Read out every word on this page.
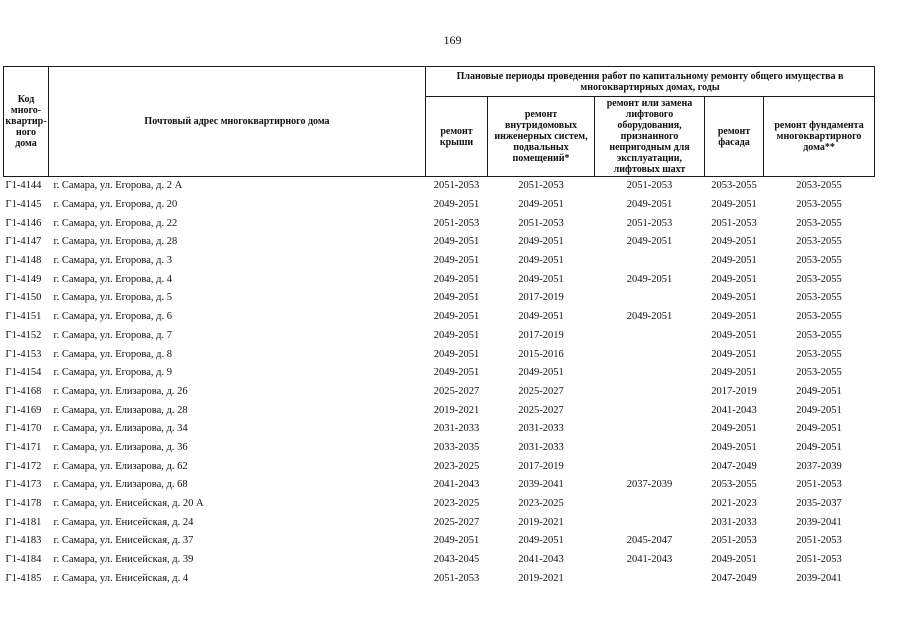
169
Код много-квартир-ного дома	Почтовый адрес многоквартирного дома	Плановые периоды проведения работ по капитальному ремонту общего имущества в многоквартирных домах, годы				
		ремонт крыши	ремонт внутридомовых инженерных систем, подвальных помещений*	ремонт или замена лифтового оборудования, признанного непригодным для эксплуатации, лифтовых шахт	ремонт фасада	ремонт фундамента многоквартирного дома**
Г1-4144	г. Самара, ул. Егорова, д. 2 А	2051-2053	2051-2053	2051-2053	2053-2055	2053-2055
Г1-4145	г. Самара, ул. Егорова, д. 20	2049-2051	2049-2051	2049-2051	2049-2051	2053-2055
Г1-4146	г. Самара, ул. Егорова, д. 22	2051-2053	2051-2053	2051-2053	2051-2053	2053-2055
Г1-4147	г. Самара, ул. Егорова, д. 28	2049-2051	2049-2051	2049-2051	2049-2051	2053-2055
Г1-4148	г. Самара, ул. Егорова, д. 3	2049-2051	2049-2051		2049-2051	2053-2055
Г1-4149	г. Самара, ул. Егорова, д. 4	2049-2051	2049-2051	2049-2051	2049-2051	2053-2055
Г1-4150	г. Самара, ул. Егорова, д. 5	2049-2051	2017-2019		2049-2051	2053-2055
Г1-4151	г. Самара, ул. Егорова, д. 6	2049-2051	2049-2051	2049-2051	2049-2051	2053-2055
Г1-4152	г. Самара, ул. Егорова, д. 7	2049-2051	2017-2019		2049-2051	2053-2055
Г1-4153	г. Самара, ул. Егорова, д. 8	2049-2051	2015-2016		2049-2051	2053-2055
Г1-4154	г. Самара, ул. Егорова, д. 9	2049-2051	2049-2051		2049-2051	2053-2055
Г1-4168	г. Самара, ул. Елизарова, д. 26	2025-2027	2025-2027		2017-2019	2049-2051
Г1-4169	г. Самара, ул. Елизарова, д. 28	2019-2021	2025-2027		2041-2043	2049-2051
Г1-4170	г. Самара, ул. Елизарова, д. 34	2031-2033	2031-2033		2049-2051	2049-2051
Г1-4171	г. Самара, ул. Елизарова, д. 36	2033-2035	2031-2033		2049-2051	2049-2051
Г1-4172	г. Самара, ул. Елизарова, д. 62	2023-2025	2017-2019		2047-2049	2037-2039
Г1-4173	г. Самара, ул. Елизарова, д. 68	2041-2043	2039-2041	2037-2039	2053-2055	2051-2053
Г1-4178	г. Самара, ул. Енисейская, д. 20 А	2023-2025	2023-2025		2021-2023	2035-2037
Г1-4181	г. Самара, ул. Енисейская, д. 24	2025-2027	2019-2021		2031-2033	2039-2041
Г1-4183	г. Самара, ул. Енисейская, д. 37	2049-2051	2049-2051	2045-2047	2051-2053	2051-2053
Г1-4184	г. Самара, ул. Енисейская, д. 39	2043-2045	2041-2043	2041-2043	2049-2051	2051-2053
Г1-4185	г. Самара, ул. Енисейская, д. 4	2051-2053	2019-2021		2047-2049	2039-2041
